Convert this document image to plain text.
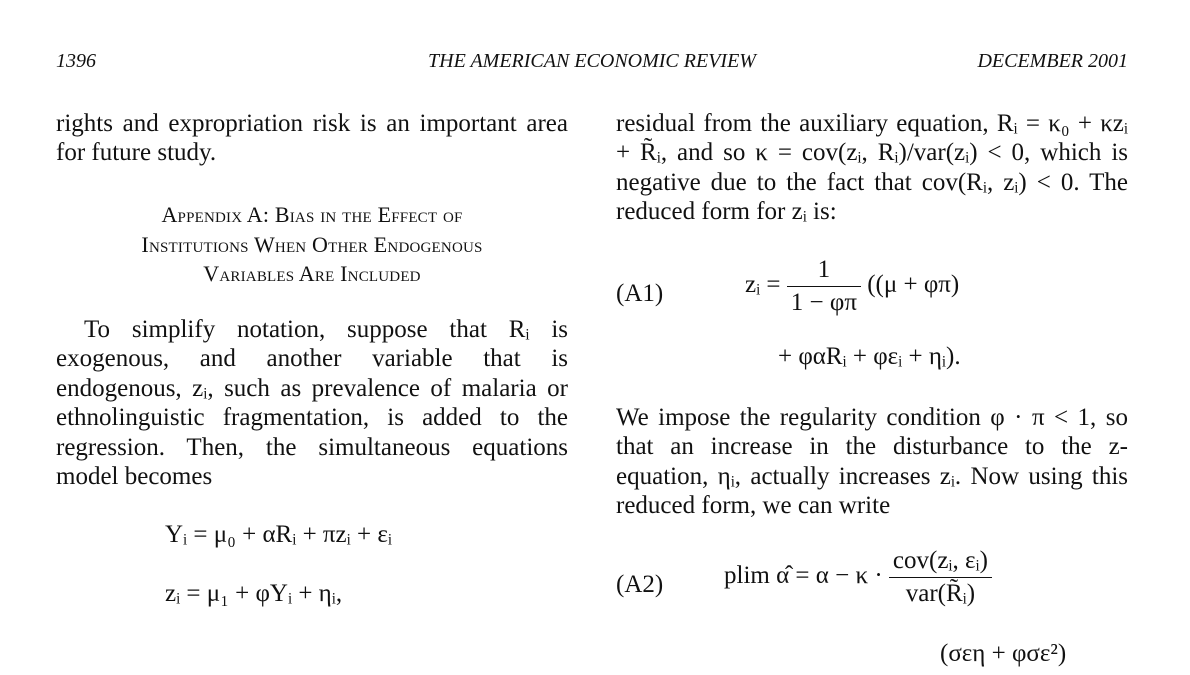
1396	THE AMERICAN ECONOMIC REVIEW	DECEMBER 2001

rights and expropriation risk is an important area for future study.

Appendix A: Bias in the Effect of
Institutions When Other Endogenous
Variables Are Included

To simplify notation, suppose that Rᵢ is exogenous, and another variable that is endogenous, zᵢ, such as prevalence of malaria or ethnolinguistic fragmentation, is added to the regression. Then, the simultaneous equations model becomes

Yᵢ = μ₀ + αRᵢ + πzᵢ + εᵢ
zᵢ = μ₁ + φYᵢ + ηᵢ,

residual from the auxiliary equation, Rᵢ = κ₀ + κzᵢ + R̃ᵢ, and so κ = cov(zᵢ, Rᵢ)/var(zᵢ) < 0, which is negative due to the fact that cov(Rᵢ, zᵢ) < 0. The reduced form for zᵢ is:

(A1)	zᵢ = $\frac{1}{1 - \varphi\pi} ((\mu + \varphi\pi)$
+ φαRᵢ + φεᵢ + ηᵢ).

We impose the regularity condition φ · π < 1, so that an increase in the disturbance to the z-equation, ηᵢ, actually increases zᵢ. Now using this reduced form, we can write

(A2) plim α̂ = $\alpha - \kappa \cdot \frac{\text{cov(zᵢ, εᵢ)}}{\text{var(R̃ᵢ)}}$
(σεη + φσε²)
